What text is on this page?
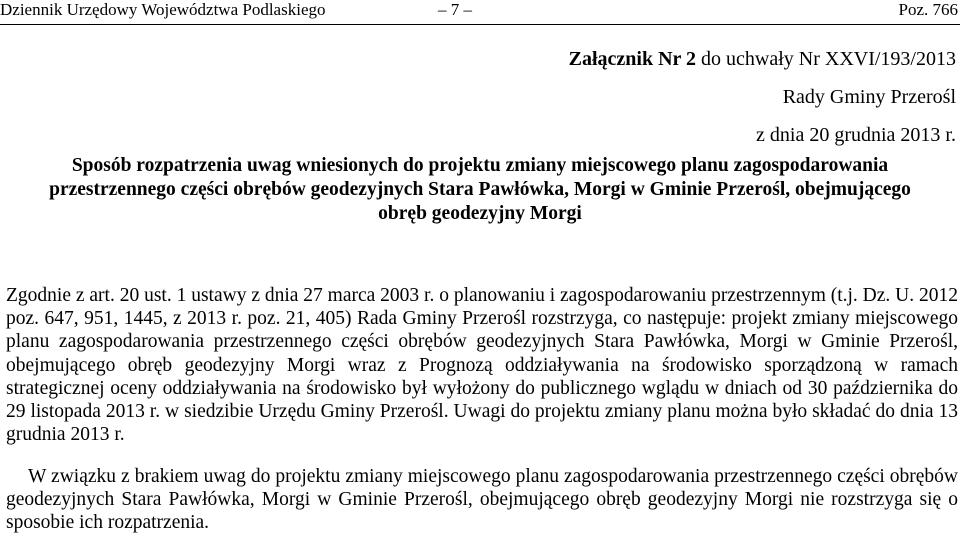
Dziennik Urzędowy Województwa Podlaskiego	– 7 –	Poz. 766
Załącznik Nr 2 do uchwały Nr XXVI/193/2013
Rady Gminy Przerośl
z dnia 20 grudnia 2013 r.
Sposób rozpatrzenia uwag wniesionych do projektu zmiany miejscowego planu zagospodarowania
przestrzennego części obrębów geodezyjnych Stara Pawłówka, Morgi w Gminie Przerośl, obejmującego
obręb geodezyjny Morgi
Zgodnie z art. 20 ust. 1 ustawy z dnia 27 marca 2003 r. o planowaniu i zagospodarowaniu przestrzennym (t.j. Dz. U. 2012 poz. 647, 951, 1445, z 2013 r. poz. 21, 405) Rada Gminy Przerośl rozstrzyga, co następuje: projekt zmiany miejscowego planu zagospodarowania przestrzennego części obrębów geodezyjnych Stara Pawłówka, Morgi w Gminie Przerośl, obejmującego obręb geodezyjny Morgi wraz z Prognozą oddziaływania na środowisko sporządzoną w ramach strategicznej oceny oddziaływania na środowisko był wyłożony do publicznego wglądu w dniach od 30 października do 29 listopada 2013 r. w siedzibie Urzędu Gminy Przerośl. Uwagi do projektu zmiany planu można było składać do dnia 13 grudnia 2013 r.
W związku z brakiem uwag do projektu zmiany miejscowego planu zagospodarowania przestrzennego części obrębów geodezyjnych Stara Pawłówka, Morgi w Gminie Przerośl, obejmującego obręb geodezyjny Morgi nie rozstrzyga się o sposobie ich rozpatrzenia.
